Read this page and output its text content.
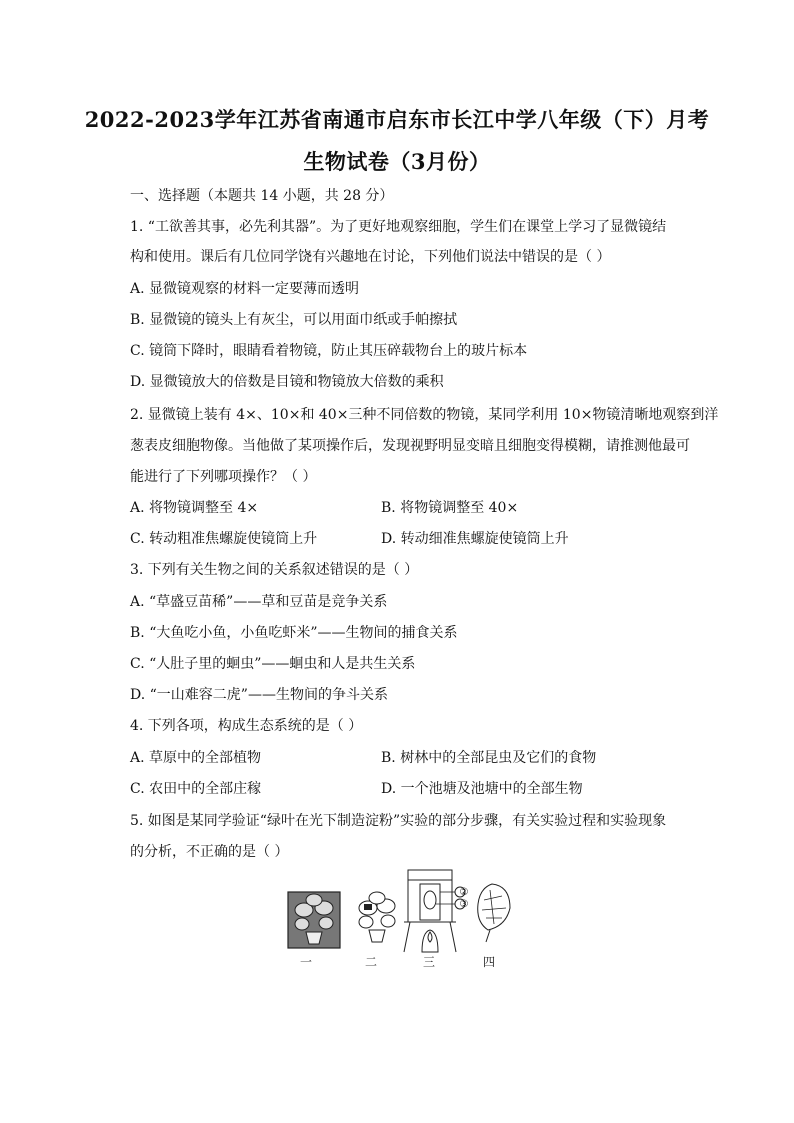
2022-2023学年江苏省南通市启东市长江中学八年级（下）月考
生物试卷（3月份）
一、选择题（本题共 14 小题，共 28 分）
1. “工欲善其事，必先利其器”。为了更好地观察细胞，学生们在课堂上学习了显微镜结
构和使用。课后有几位同学饶有兴趣地在讨论，下列他们说法中错误的是（ ）
A. 显微镜观察的材料一定要薄而透明
B. 显微镜的镜头上有灰尘，可以用面巾纸或手帕擦拭
C. 镜筒下降时，眼睛看着物镜，防止其压碎载物台上的玻片标本
D. 显微镜放大的倍数是目镜和物镜放大倍数的乘积
2. 显微镜上装有 4×、10×和 40×三种不同倍数的物镜，某同学利用 10×物镜清晰地观察到洋
葱表皮细胞物像。当他做了某项操作后，发现视野明显变暗且细胞变得模糊，请推测他最可
能进行了下列哪项操作？（ ）
A. 将物镜调整至 4×	B. 将物镜调整至 40×
C. 转动粗准焦螺旋使镜筒上升	D. 转动细准焦螺旋使镜筒上升
3. 下列有关生物之间的关系叙述错误的是（ ）
A. “草盛豆苗稀”——草和豆苗是竞争关系
B. “大鱼吃小鱼，小鱼吃虾米”——生物间的捕食关系
C. “人肚子里的蛔虫”——蛔虫和人是共生关系
D. “一山难容二虎”——生物间的争斗关系
4. 下列各项，构成生态系统的是（ ）
A. 草原中的全部植物	B. 树林中的全部昆虫及它们的食物
C. 农田中的全部庄稼	D. 一个池塘及池塘中的全部生物
5. 如图是某同学验证“绿叶在光下制造淀粉”实验的部分步骤，有关实验过程和实验现象
的分析，不正确的是（ ）
一	二	三	四
②
③
